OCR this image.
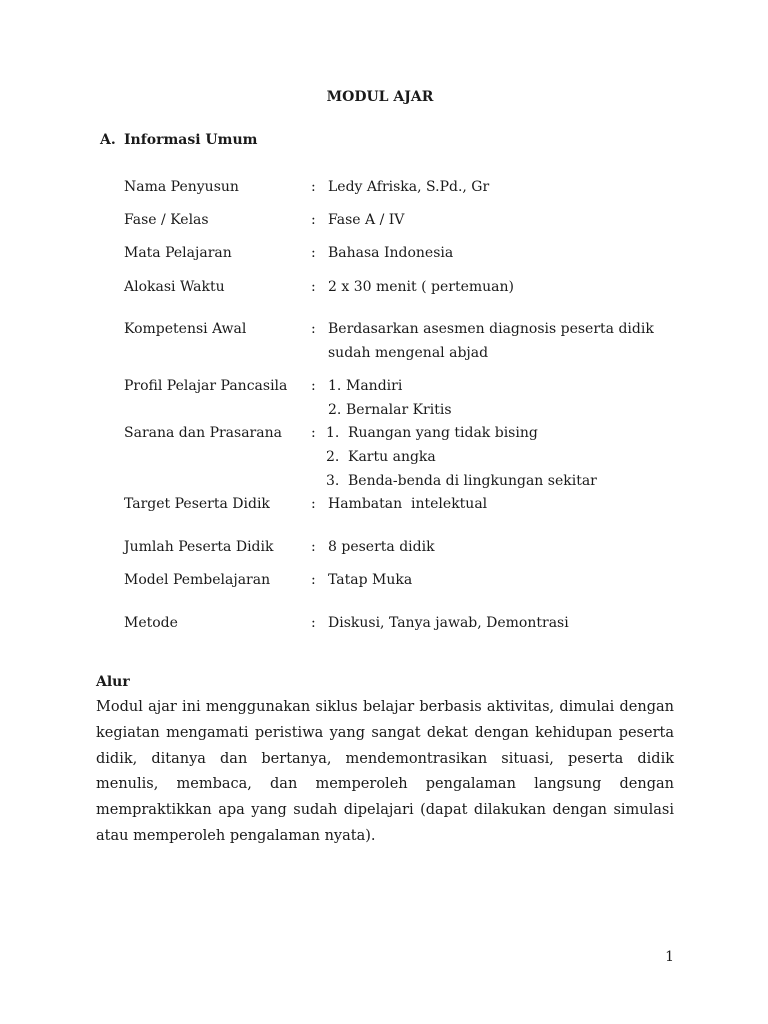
MODUL AJAR
A. Informasi Umum
Nama Penyusun	: Ledy Afriska, S.Pd., Gr
Fase / Kelas	: Fase A / IV
Mata Pelajaran	: Bahasa Indonesia
Alokasi Waktu	: 2 x 30 menit ( pertemuan)
Kompetensi Awal	: Berdasarkan asesmen diagnosis peserta didik
sudah mengenal abjad
Profil Pelajar Pancasila : 1. Mandiri
2. Bernalar Kritis
Sarana dan Prasarana : 1. Ruangan yang tidak bising
2. Kartu angka
3. Benda-benda di lingkungan sekitar
Target Peserta Didik	: Hambatan  intelektual
Jumlah Peserta Didik	: 8 peserta didik
Model Pembelajaran	: Tatap Muka
Metode	: Diskusi, Tanya jawab, Demontrasi
Alur
Modul ajar ini menggunakan siklus belajar berbasis aktivitas, dimulai dengan kegiatan mengamati peristiwa yang sangat dekat dengan kehidupan peserta didik, ditanya dan bertanya, mendemontrasikan situasi, peserta didik menulis, membaca, dan memperoleh pengalaman langsung dengan mempraktikkan apa yang sudah dipelajari (dapat dilakukan dengan simulasi atau memperoleh pengalaman nyata).
1
